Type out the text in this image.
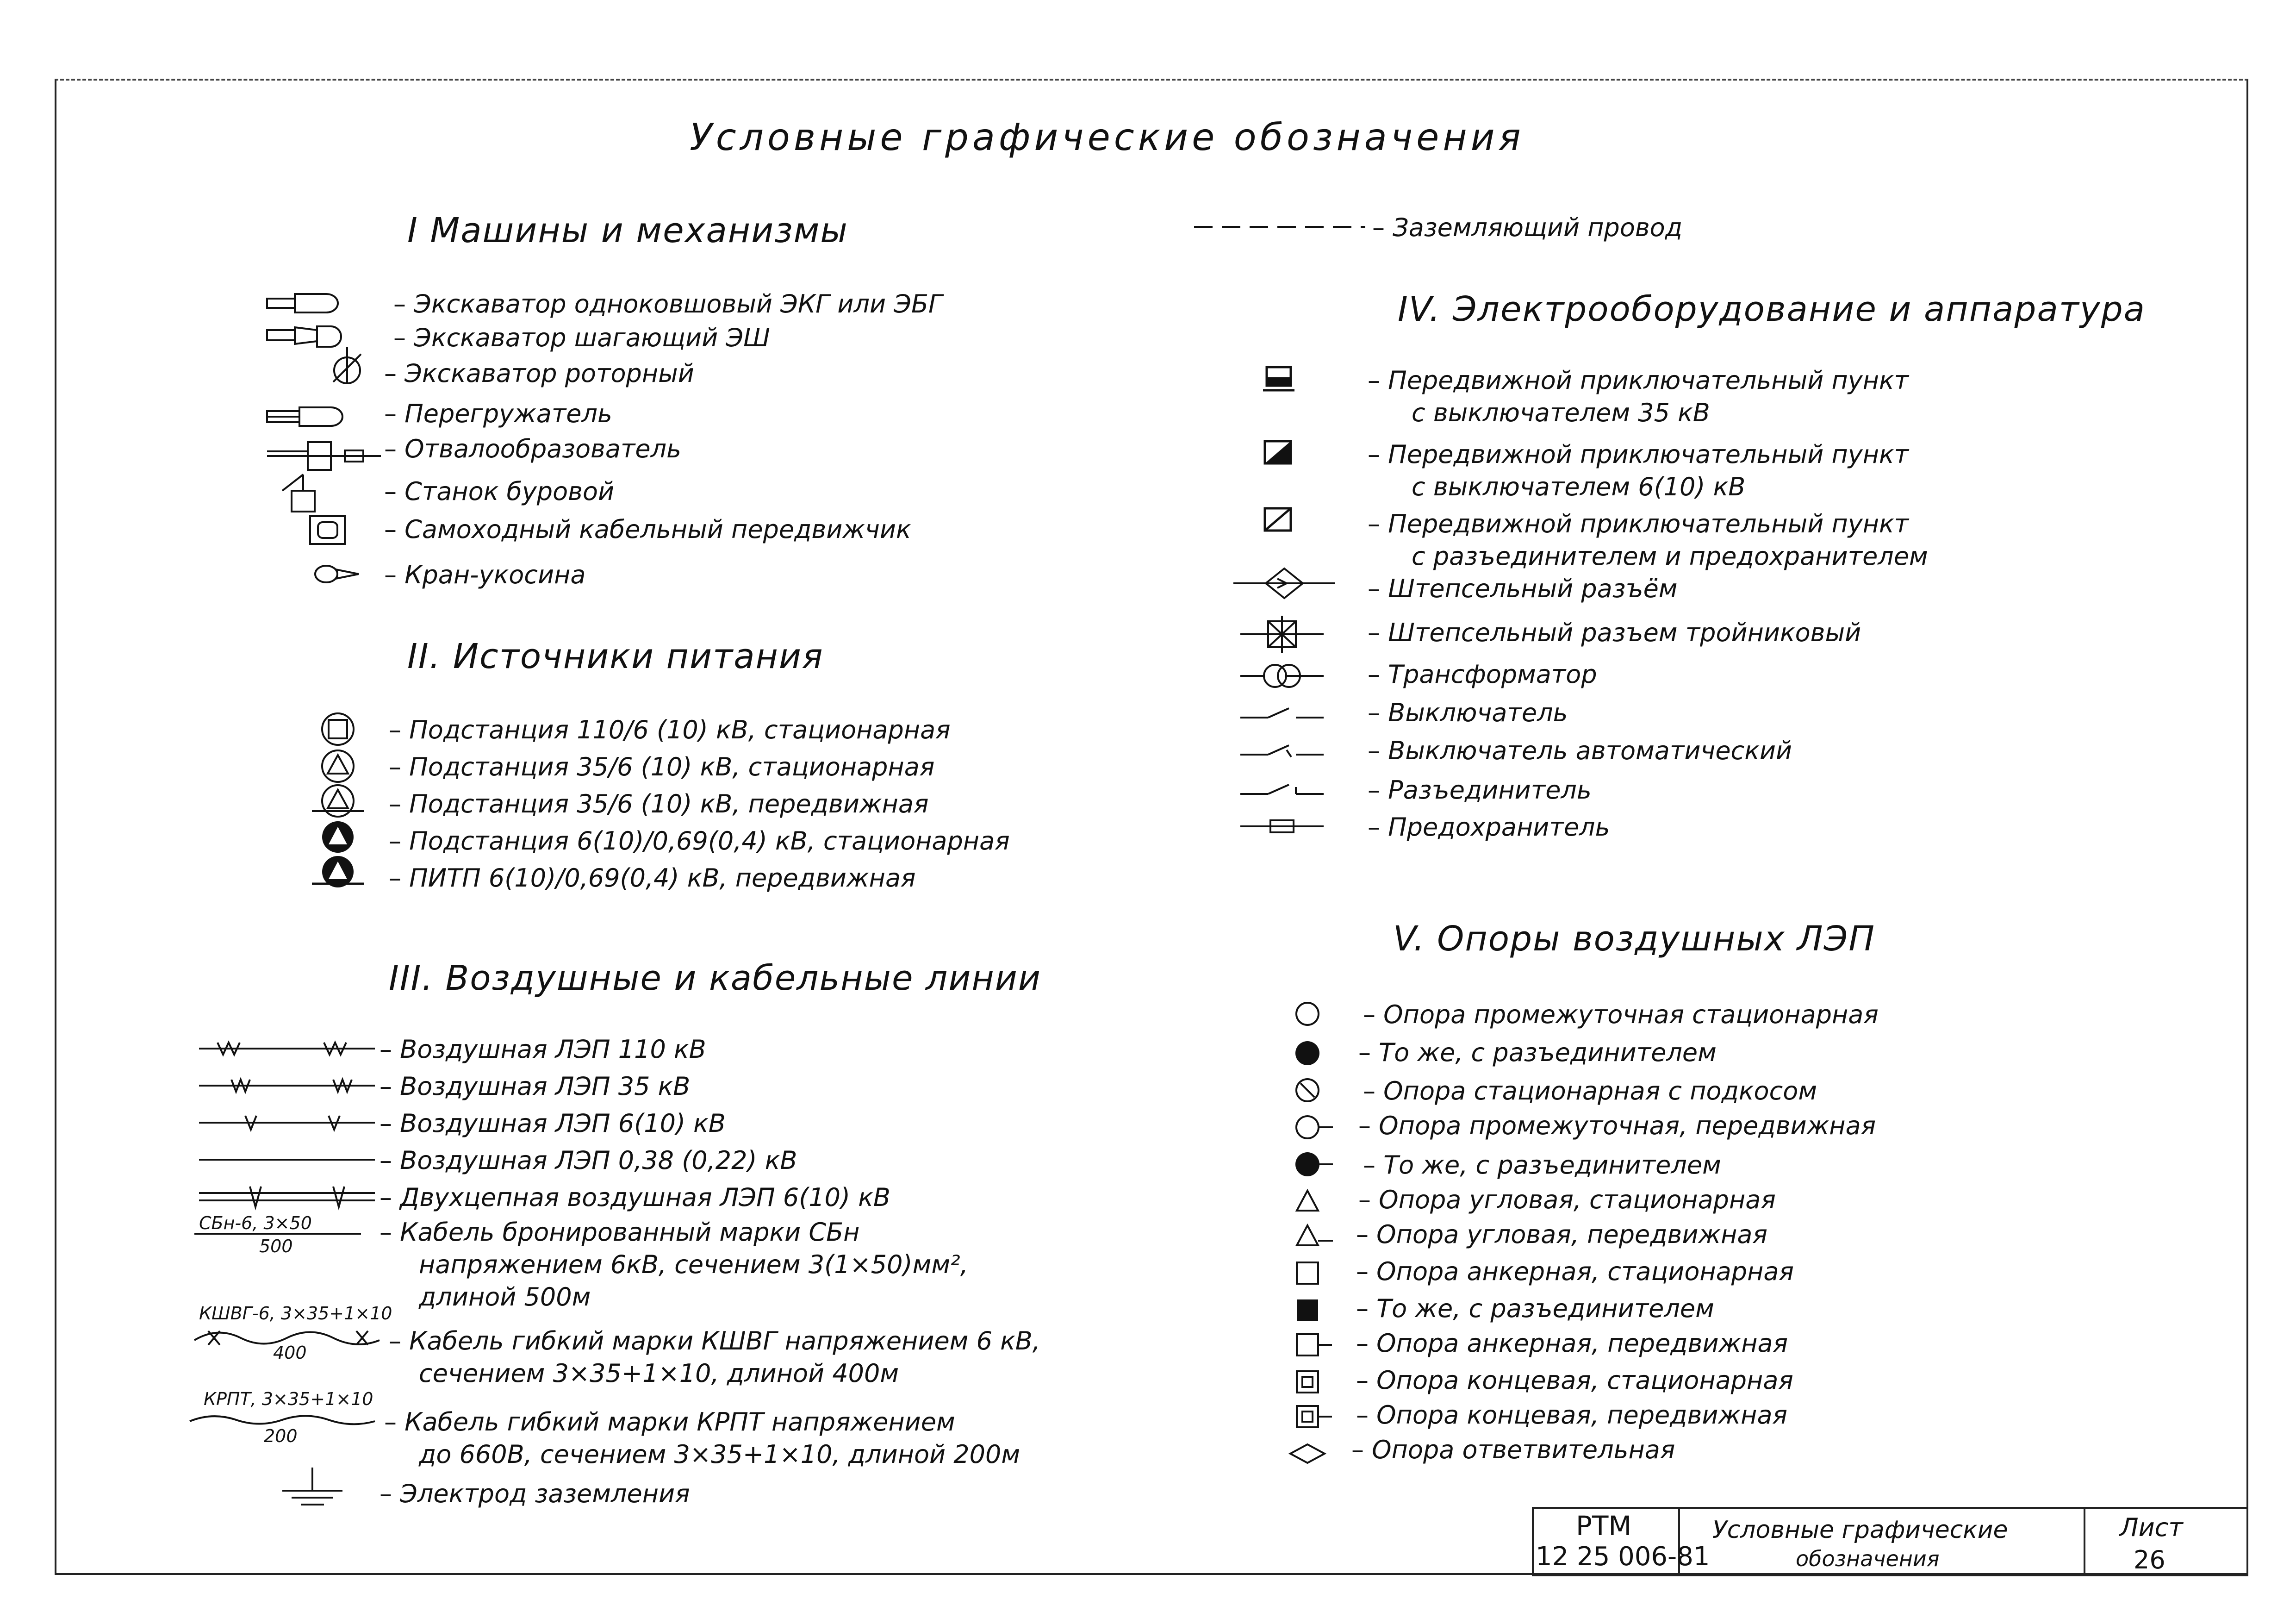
Условные графические обозначения
I Машины и механизмы
– Экскаватор одноковшовый ЭКГ или ЭБГ
– Экскаватор шагающий ЭШ
– Экскаватор роторный
– Перегружатель
– Отвалообразователь
– Станок буровой
– Самоходный кабельный передвижчик
– Кран-укосина
II. Источники питания
– Подстанция 110/6 (10) кВ, стационарная
– Подстанция 35/6 (10) кВ, стационарная
– Подстанция 35/6 (10) кВ, передвижная
– Подстанция 6(10)/0,69(0,4) кВ, стационарная
– ПИТП 6(10)/0,69(0,4) кВ, передвижная
III. Воздушные и кабельные линии
– Воздушная ЛЭП 110 кВ
– Воздушная ЛЭП 35 кВ
– Воздушная ЛЭП 6(10) кВ
– Воздушная ЛЭП 0,38 (0,22) кВ
– Двухцепная воздушная ЛЭП 6(10) кВ
СБн-6, 3×50
500	– Кабель бронированный марки СБн
напряжением 6кВ, сечением 3(1×50)мм²,
длиной 500м
КШВГ-6, 3×35+1×10
400	– Кабель гибкий марки КШВГ напряжением 6 кВ,
сечением 3×35+1×10, длиной 400м
КРПТ, 3×35+1×10
200	– Кабель гибкий марки КРПТ напряжением
до 660В, сечением 3×35+1×10, длиной 200м
– Электрод заземления
– Заземляющий провод
IV. Электрооборудование и аппаратура
– Передвижной приключательный пункт
с выключателем 35 кВ
– Передвижной приключательный пункт
с выключателем 6(10) кВ
– Передвижной приключательный пункт
с разъединителем и предохранителем
– Штепсельный разъём
– Штепсельный разъем тройниковый
– Трансформатор
– Выключатель
– Выключатель автоматический
– Разъединитель
– Предохранитель
V. Опоры воздушных ЛЭП
– Опора промежуточная стационарная
– То же, с разъединителем
– Опора стационарная с подкосом
– Опора промежуточная, передвижная
– То же, с разъединителем
– Опора угловая, стационарная
– Опора угловая, передвижная
– Опора анкерная, стационарная
– То же, с разъединителем
– Опора анкерная, передвижная
– Опора концевая, стационарная
– Опора концевая, передвижная
– Опора ответвительная
РТМ
12 25 006-81
Условные графические
обозначения
Лист
26
